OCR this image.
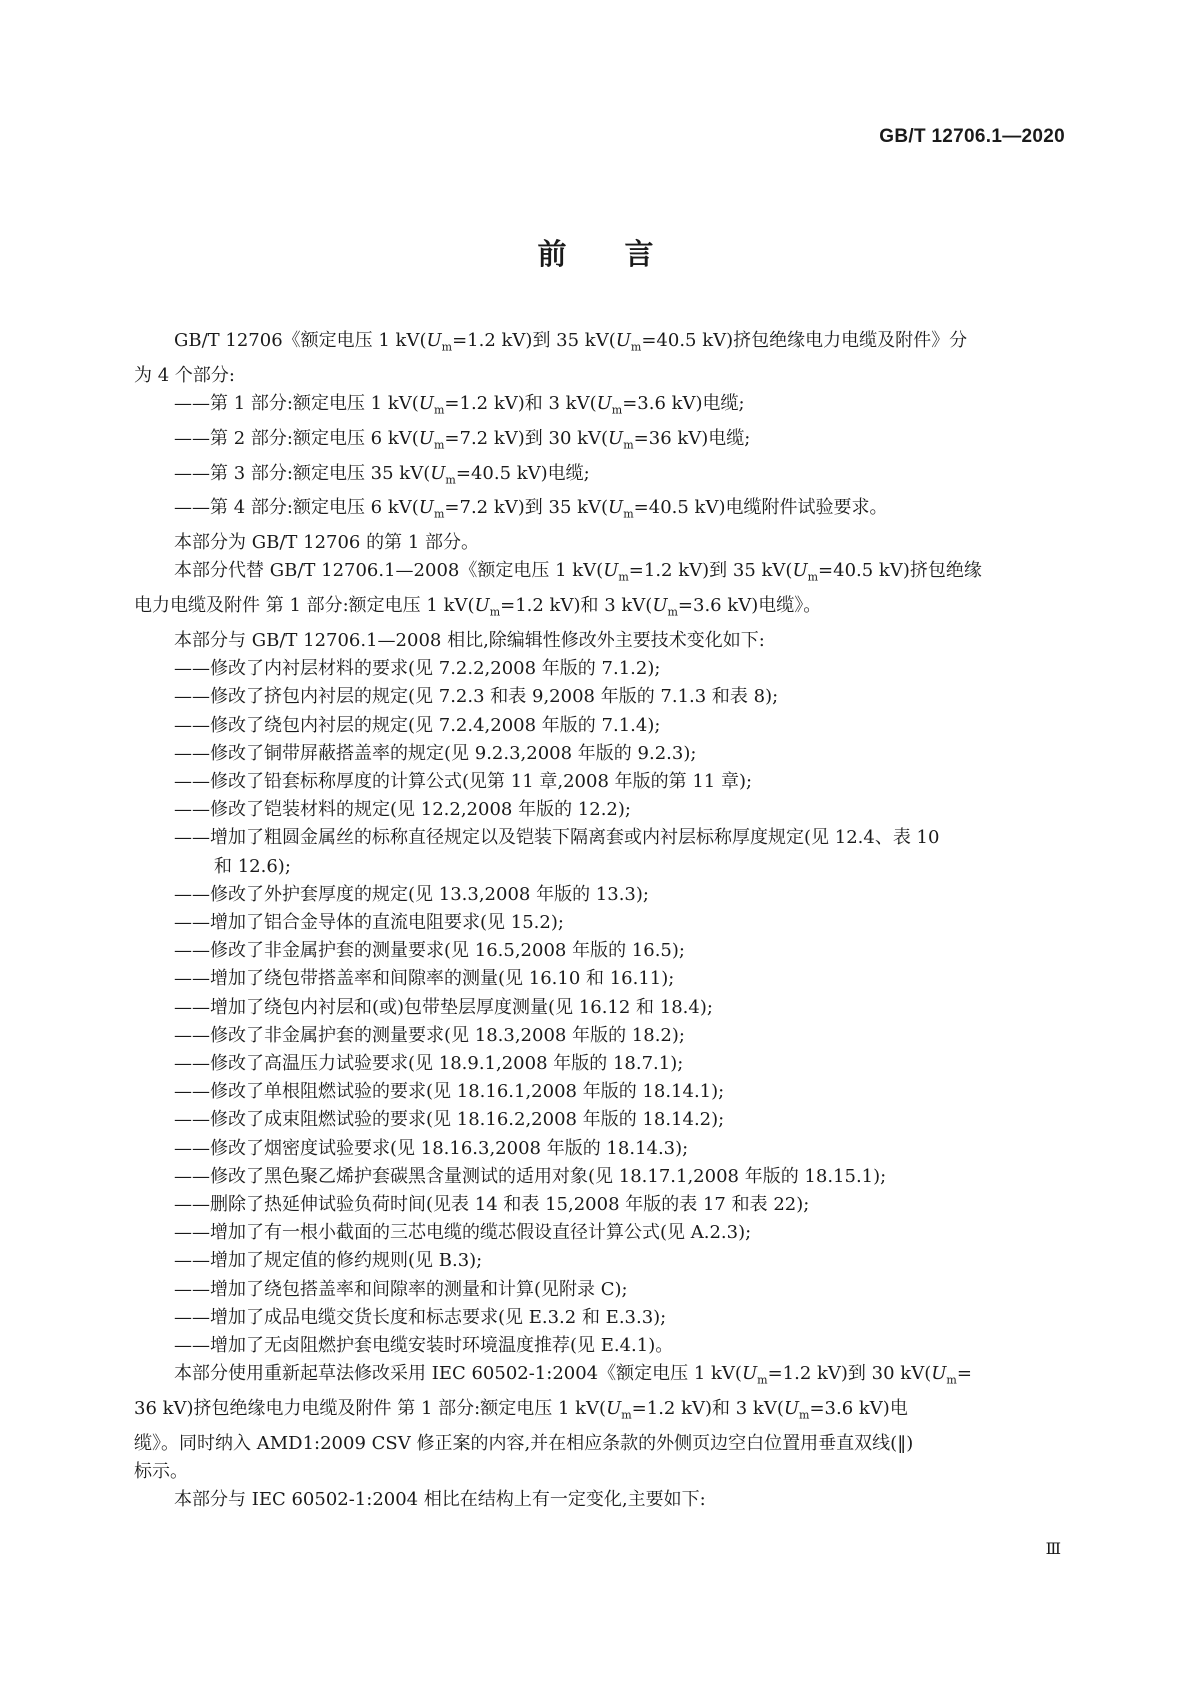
GB/T 12706.1—2020
前 言

GB/T 12706《额定电压 1 $kV(U_m=1.2$ kV)到 35 $kV(U_m=40.5$ kV)挤包绝缘电力电缆及附件》分

为 4 个部分:

——第 1 部分:额定电压 1 $kV(U_m=1.2$ kV)和 3 $kV(U_m=3.6$ kV)电缆;

——第 2 部分:额定电压 6 $kV(U_m=7.2$ kV)到 30 $kV(U_m=36$ kV)电缆;

——第 3 部分:额定电压 35 $kV(U_m=40.5$ kV)电缆;

——第 4 部分:额定电压 6 $kV(U_m=7.2$ kV)到 35 $kV(U_m=40.5$ kV)电缆附件试验要求。

本部分为 GB/T 12706 的第 1 部分。

本部分代替 GB/T 12706.1—2008《额定电压 1 $kV(U_m=1.2$ kV)到 35 $kV(U_m=40.5$ kV)挤包绝缘

电力电缆及附件 第 1 部分:额定电压 1 $kV(U_m=1.2$ kV)和 3 $kV(U_m=3.6$ kV)电缆》。

本部分与 GB/T 12706.1—2008 相比,除编辑性修改外主要技术变化如下:

——修改了内衬层材料的要求(见 7.2.2,2008 年版的 7.1.2);

——修改了挤包内衬层的规定(见 7.2.3 和表 9,2008 年版的 7.1.3 和表 8);

——修改了绕包内衬层的规定(见 7.2.4,2008 年版的 7.1.4);

——修改了铜带屏蔽搭盖率的规定(见 9.2.3,2008 年版的 9.2.3);

——修改了铅套标称厚度的计算公式(见第 11 章,2008 年版的第 11 章);

——修改了铠装材料的规定(见 12.2,2008 年版的 12.2);

——增加了粗圆金属丝的标称直径规定以及铠装下隔离套或内衬层标称厚度规定(见 12.4、表 10

和 12.6);

——修改了外护套厚度的规定(见 13.3,2008 年版的 13.3);

——增加了铝合金导体的直流电阻要求(见 15.2);

——修改了非金属护套的测量要求(见 16.5,2008 年版的 16.5);

——增加了绕包带搭盖率和间隙率的测量(见 16.10 和 16.11);

——增加了绕包内衬层和(或)包带垫层厚度测量(见 16.12 和 18.4);

——修改了非金属护套的测量要求(见 18.3,2008 年版的 18.2);

——修改了高温压力试验要求(见 18.9.1,2008 年版的 18.7.1);

——修改了单根阻燃试验的要求(见 18.16.1,2008 年版的 18.14.1);

——修改了成束阻燃试验的要求(见 18.16.2,2008 年版的 18.14.2);

——修改了烟密度试验要求(见 18.16.3,2008 年版的 18.14.3);

——修改了黑色聚乙烯护套碳黑含量测试的适用对象(见 18.17.1,2008 年版的 18.15.1);

——删除了热延伸试验负荷时间(见表 14 和表 15,2008 年版的表 17 和表 22);

——增加了有一根小截面的三芯电缆的缆芯假设直径计算公式(见 A.2.3);

——增加了规定值的修约规则(见 B.3);

——增加了绕包搭盖率和间隙率的测量和计算(见附录 C);

——增加了成品电缆交货长度和标志要求(见 E.3.2 和 E.3.3);

——增加了无卤阻燃护套电缆安装时环境温度推荐(见 E.4.1)。

本部分使用重新起草法修改采用 IEC 60502-1:2004《额定电压 1 $kV(U_m=1.2$ kV)到 30 $kV(U_m=$

36 kV)挤包绝缘电力电缆及附件 第 1 部分:额定电压 1 $kV(U_m=1.2$ kV)和 3 $kV(U_m=3.6$ kV)电

缆》。同时纳入 AMD1:2009 CSV 修正案的内容,并在相应条款的外侧页边空白位置用垂直双线(‖)

标示。

本部分与 IEC 60502-1:2004 相比在结构上有一定变化,主要如下:

Ⅲ
